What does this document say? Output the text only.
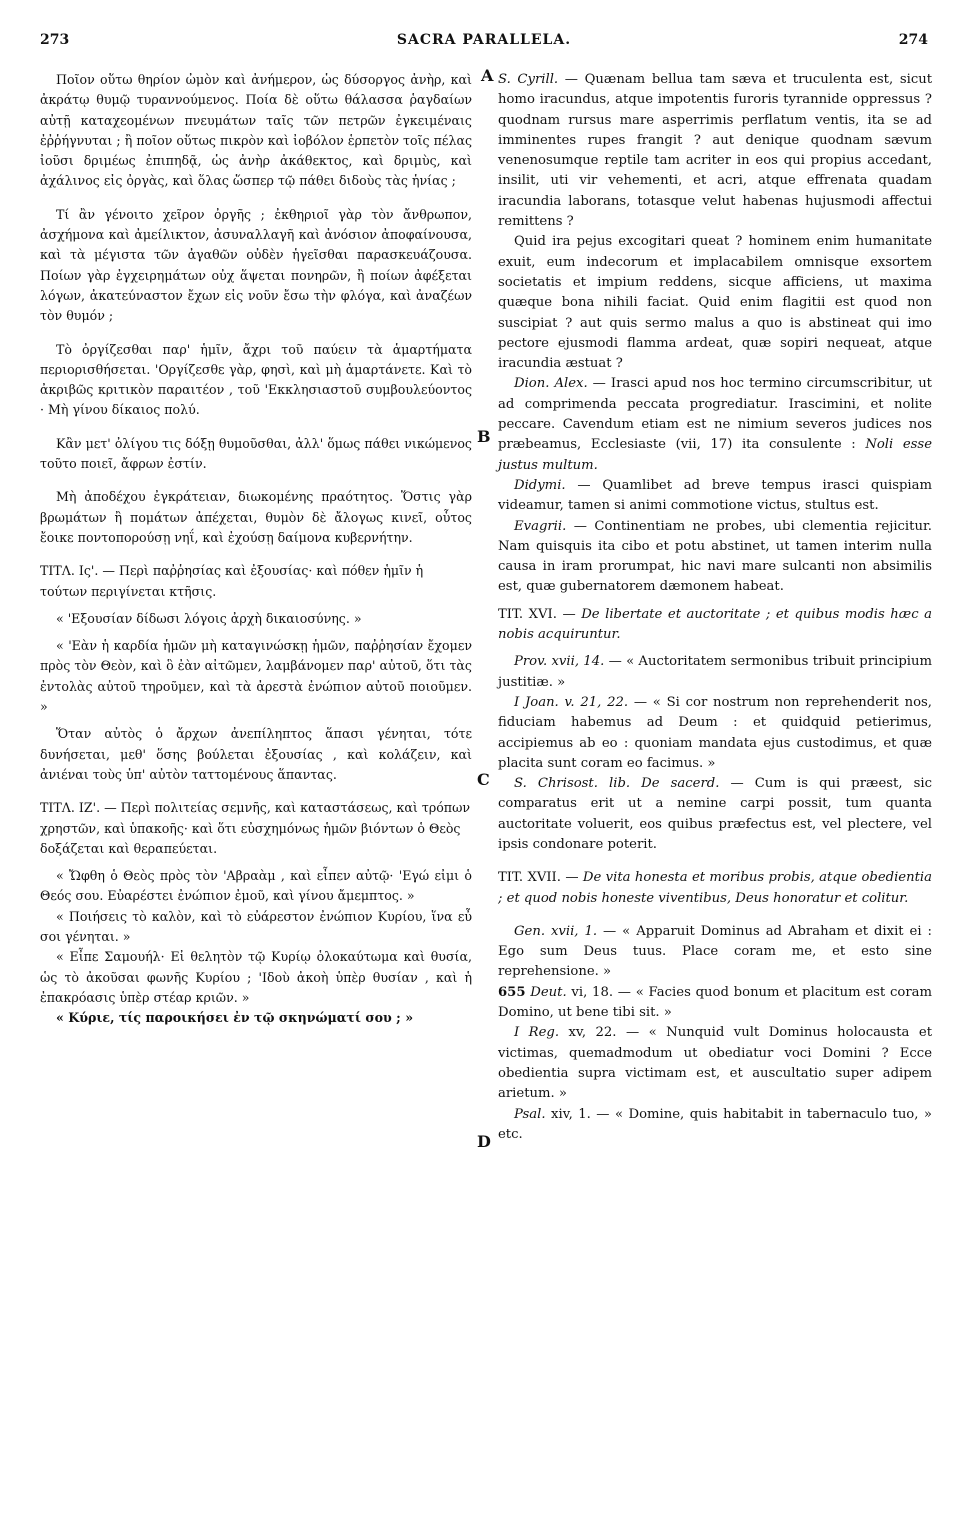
273	SACRA PARALLELA.	274
A
B
C
D

Ποῖον οὕτω θηρίον ὠμὸν καὶ ἀνήμερον, ὡς δύσοργος ἀνὴρ, καὶ ἀκράτῳ θυμῷ τυραννούμενος. Ποία δὲ οὕτω θάλασσα ῥαγδαίων αὐτῇ καταχεομένων πνευμάτων ταῖς τῶν πετρῶν ἐγκειμέναις ἐῤῥήγνυται ; ἢ ποῖον οὕτως πικρὸν καὶ ἰοβόλον ἑρπετὸν τοῖς πέλας ἰοῦσι δριμέως ἐπιπηδᾷ, ὡς ἀνὴρ ἀκάθεκτος, καὶ δριμὺς, καὶ ἀχάλινος εἰς ὀργὰς, καὶ ὅλας ὥσπερ τῷ πάθει διδοὺς τὰς ἡνίας ;

Τί ἂν γένοιτο χεῖρον ὀργῆς ; ἐκθηριοῖ γὰρ τὸν ἄνθρωπον, ἀσχήμονα καὶ ἀμείλικτον, ἀσυναλλαγῆ καὶ ἀνόσιον ἀποφαίνουσα, καὶ τὰ μέγιστα τῶν ἀγαθῶν οὐδὲν ἡγεῖσθαι παρασκευάζουσα. Ποίων γὰρ ἐγχειρημάτων οὐχ ἅψεται πονηρῶν, ἢ ποίων ἀφέξεται λόγων, ἀκατεύναστον ἔχων εἰς νοῦν ἔσω τὴν φλόγα, καὶ ἀναζέων τὸν θυμόν ;

Τὸ ὀργίζεσθαι παρ' ἡμῖν, ἄχρι τοῦ παύειν τὰ ἁμαρτήματα περιορισθήσεται. 'Οργίζεσθε γὰρ, φησὶ, καὶ μὴ ἁμαρτάνετε. Καὶ τὸ ἀκριβῶς κριτικὸν παραιτέον , τοῦ 'Εκκλησιαστοῦ συμβουλεύοντος · Μὴ γίνου δίκαιος πολύ.

Κἂν μετ' ὀλίγου τις δόξῃ θυμοῦσθαι, ἀλλ' ὅμως πάθει νικώμενος τοῦτο ποιεῖ, ἄφρων ἐστίν.

Μὴ ἀποδέχου ἐγκράτειαν, διωκομένης πραότητος. Ὅστις γὰρ βρωμάτων ἢ πομάτων ἀπέχεται, θυμὸν δὲ ἄλογως κινεῖ, οὗτος ἔοικε ποντοπορούσῃ νηΐ, καὶ ἐχούσῃ δαίμονα κυβερνήτην.

ΤΙΤΛ. Ις'. — Περὶ παῤῥησίας καὶ ἐξουσίας· καὶ πόθεν ἡμῖν ἡ τούτων περιγίνεται κτῆσις.

« 'Εξουσίαν δίδωσι λόγοις ἀρχὴ δικαιοσύνης. »

« 'Εὰν ἡ καρδία ἡμῶν μὴ καταγινώσκῃ ἡμῶν, παῤῥησίαν ἔχομεν πρὸς τὸν Θεὸν, καὶ ὃ ἐὰν αἰτῶμεν, λαμβάνομεν παρ' αὐτοῦ, ὅτι τὰς ἐντολὰς αὐτοῦ τηροῦμεν, καὶ τὰ ἀρεστὰ ἐνώπιον αὐτοῦ ποιοῦμεν. »

Ὅταν αὐτὸς ὁ ἄρχων ἀνεπίληπτος ἅπασι γένηται, τότε δυνήσεται, μεθ' ὅσης βούλεται ἐξουσίας , καὶ κολάζειν, καὶ ἀνιέναι τοὺς ὑπ' αὐτὸν ταττομένους ἅπαντας.

ΤΙΤΛ. ΙΖ'. — Περὶ πολιτείας σεμνῆς, καὶ καταστάσεως, καὶ τρόπων χρηστῶν, καὶ ὑπακοῆς· καὶ ὅτι εὐσχημόνως ἡμῶν βιόντων ὁ Θεὸς δοξάζεται καὶ θεραπεύεται.

« Ὤφθη ὁ Θεὸς πρὸς τὸν 'Αβραὰμ , καὶ εἶπεν αὐτῷ· 'Εγώ εἰμι ὁ Θεός σου. Εὐαρέστει ἐνώπιον ἐμοῦ, καὶ γίνου ἄμεμπτος. »

« Ποιήσεις τὸ καλὸν, καὶ τὸ εὐάρεστον ἐνώπιον Κυρίου, ἵνα εὖ σοι γένηται. »

« Εἶπε Σαμουήλ· Εἰ θελητὸν τῷ Κυρίῳ ὁλοκαύτωμα καὶ θυσία, ὡς τὸ ἀκοῦσαι φωνῆς Κυρίου ; 'Ιδοὺ ἀκοὴ ὑπὲρ θυσίαν , καὶ ἡ ἐπακρόασις ὑπὲρ στέαρ κριῶν. »

« Κύριε, τίς παροικήσει ἐν τῷ σκηνώματί σου ; »

S. Cyrill. — Quænam bellua tam sæva et truculenta est, sicut homo iracundus, atque impotentis furoris tyrannide oppressus ? quodnam rursus mare asperrimis perflatum ventis, ita se ad imminentes rupes frangit ? aut denique quodnam sævum venenosumque reptile tam acriter in eos qui propius accedant, insilit, uti vir vehementi, et acri, atque effrenata quadam iracundia laborans, totasque velut habenas hujusmodi affectui remittens ?

Quid ira pejus excogitari queat ? hominem enim humanitate exuit, eum indecorum et implacabilem omnisque exsortem societatis et impium reddens, sicque afficiens, ut maxima quæque bona nihili faciat. Quid enim flagitii est quod non suscipiat ? aut quis sermo malus a quo is abstineat qui imo pectore ejusmodi flamma ardeat, quæ sopiri nequeat, atque iracundia æstuat ?

Dion. Alex. — Irasci apud nos hoc termino circumscribitur, ut ad comprimenda peccata progrediatur. Irascimini, et nolite peccare. Cavendum etiam est ne nimium severos judices nos præbeamus, Ecclesiaste (vii, 17) ita consulente : Noli esse justus multum.

Didymi. — Quamlibet ad breve tempus irasci quispiam videamur, tamen si animi commotione victus, stultus est.

Evagrii. — Continentiam ne probes, ubi clementia rejicitur. Nam quisquis ita cibo et potu abstinet, ut tamen interim nulla causa in iram prorumpat, hic navi mare sulcanti non absimilis est, quæ gubernatorem dæmonem habeat.

TIT. XVI. — De libertate et auctoritate ; et quibus modis hæc a nobis acquiruntur.

Prov. xvii, 14. — « Auctoritatem sermonibus tribuit principium justitiæ. »

I Joan. v. 21, 22. — « Si cor nostrum non reprehenderit nos, fiduciam habemus ad Deum : et quidquid petierimus, accipiemus ab eo : quoniam mandata ejus custodimus, et quæ placita sunt coram eo facimus. »

S. Chrisost. lib. De sacerd. — Cum is qui præest, sic comparatus erit ut a nemine carpi possit, tum quanta auctoritate voluerit, eos quibus præfectus est, vel plectere, vel ipsis condonare poterit.

TIT. XVII. — De vita honesta et moribus probis, atque obedientia ; et quod nobis honeste viventibus, Deus honoratur et colitur.

Gen. xvii, 1. — « Apparuit Dominus ad Abraham et dixit ei : Ego sum Deus tuus. Place coram me, et esto sine reprehensione. »

655 Deut. vi, 18. — « Facies quod bonum et placitum est coram Domino, ut bene tibi sit. »

I Reg. xv, 22. — « Nunquid vult Dominus holocausta et victimas, quemadmodum ut obediatur voci Domini ? Ecce obedientia supra victimam est, et auscultatio super adipem arietum. »

Psal. xiv, 1. — « Domine, quis habitabit in tabernaculo tuo, » etc.
